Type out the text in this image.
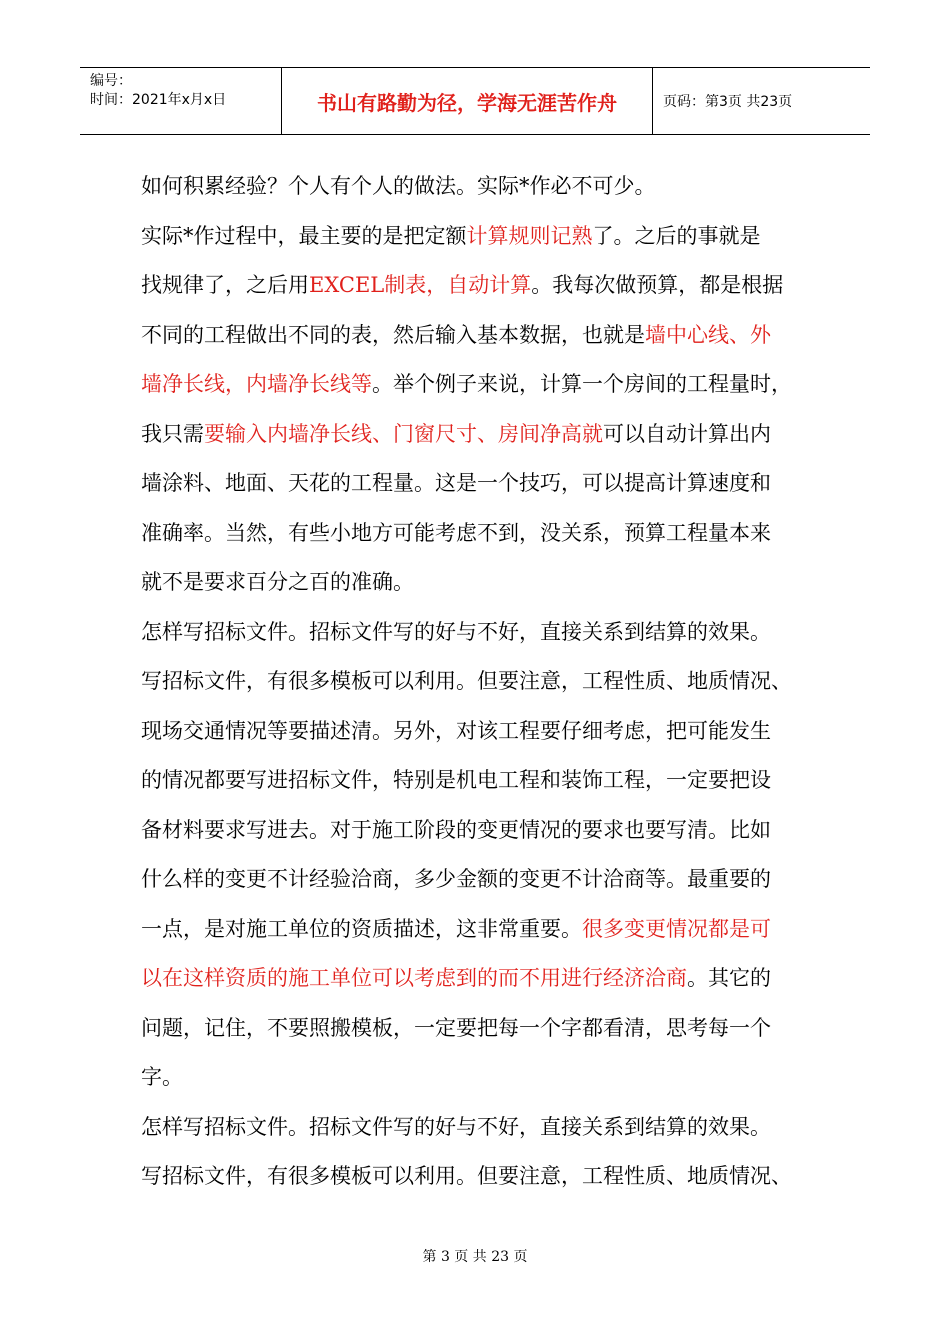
编号：
时间：2021年x月x日	书山有路勤为径，学海无涯苦作舟	页码：第3页 共23页
如何积累经验？个人有个人的做法。实际*作必不可少。
实际*作过程中，最主要的是把定额计算规则记熟了。之后的事就是
找规律了，之后用EXCEL制表，自动计算。我每次做预算，都是根据
不同的工程做出不同的表，然后输入基本数据，也就是墙中心线、外
墙净长线，内墙净长线等。举个例子来说，计算一个房间的工程量时，
我只需要输入内墙净长线、门窗尺寸、房间净高就可以自动计算出内
墙涂料、地面、天花的工程量。这是一个技巧，可以提高计算速度和
准确率。当然，有些小地方可能考虑不到，没关系，预算工程量本来
就不是要求百分之百的准确。
怎样写招标文件。招标文件写的好与不好，直接关系到结算的效果。
写招标文件，有很多模板可以利用。但要注意，工程性质、地质情况、
现场交通情况等要描述清。另外，对该工程要仔细考虑，把可能发生
的情况都要写进招标文件，特别是机电工程和装饰工程，一定要把设
备材料要求写进去。对于施工阶段的变更情况的要求也要写清。比如
什么样的变更不计经验洽商，多少金额的变更不计洽商等。最重要的
一点，是对施工单位的资质描述，这非常重要。很多变更情况都是可
以在这样资质的施工单位可以考虑到的而不用进行经济洽商。其它的
问题，记住，不要照搬模板，一定要把每一个字都看清，思考每一个
字。
怎样写招标文件。招标文件写的好与不好，直接关系到结算的效果。
写招标文件，有很多模板可以利用。但要注意，工程性质、地质情况、
第 3 页 共 23 页
